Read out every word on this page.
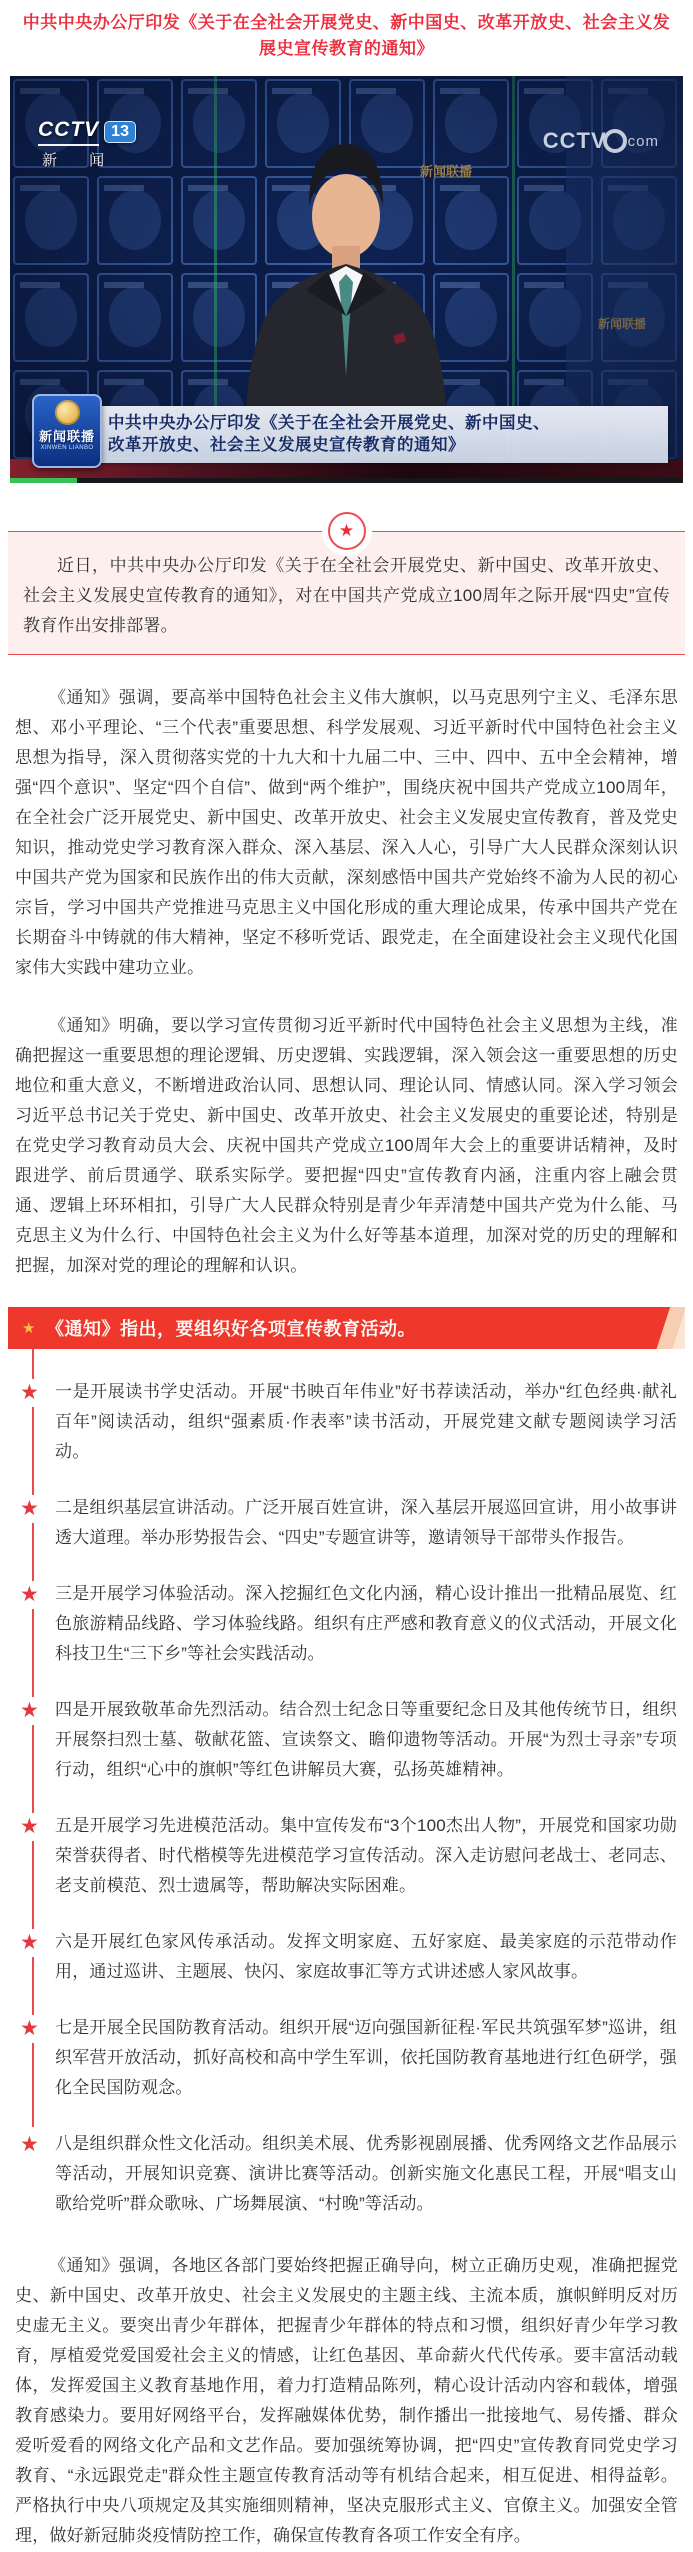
中共中央办公厅印发《关于在全社会开展党史、新中国史、改革开放史、社会主义发展史宣传教育的通知》
CCTV 13
新 闻
CCTV com
新闻联播
XINWEN LIANBO
中共中央办公厅印发《关于在全社会开展党史、新中国史、
改革开放史、社会主义发展史宣传教育的通知》
★

近日，中共中央办公厅印发《关于在全社会开展党史、新中国史、改革开放史、社会主义发展史宣传教育的通知》，对在中国共产党成立100周年之际开展“四史”宣传教育作出安排部署。

《通知》强调，要高举中国特色社会主义伟大旗帜，以马克思列宁主义、毛泽东思想、邓小平理论、“三个代表”重要思想、科学发展观、习近平新时代中国特色社会主义思想为指导，深入贯彻落实党的十九大和十九届二中、三中、四中、五中全会精神，增强“四个意识”、坚定“四个自信”、做到“两个维护”，围绕庆祝中国共产党成立100周年，在全社会广泛开展党史、新中国史、改革开放史、社会主义发展史宣传教育，普及党史知识，推动党史学习教育深入群众、深入基层、深入人心，引导广大人民群众深刻认识中国共产党为国家和民族作出的伟大贡献，深刻感悟中国共产党始终不渝为人民的初心宗旨，学习中国共产党推进马克思主义中国化形成的重大理论成果，传承中国共产党在长期奋斗中铸就的伟大精神，坚定不移听党话、跟党走，在全面建设社会主义现代化国家伟大实践中建功立业。

《通知》明确，要以学习宣传贯彻习近平新时代中国特色社会主义思想为主线，准确把握这一重要思想的理论逻辑、历史逻辑、实践逻辑，深入领会这一重要思想的历史地位和重大意义，不断增进政治认同、思想认同、理论认同、情感认同。深入学习领会习近平总书记关于党史、新中国史、改革开放史、社会主义发展史的重要论述，特别是在党史学习教育动员大会、庆祝中国共产党成立100周年大会上的重要讲话精神，及时跟进学、前后贯通学、联系实际学。要把握“四史”宣传教育内涵，注重内容上融会贯通、逻辑上环环相扣，引导广大人民群众特别是青少年弄清楚中国共产党为什么能、马克思主义为什么行、中国特色社会主义为什么好等基本道理，加深对党的历史的理解和把握，加深对党的理论的理解和认识。

★ 《通知》指出，要组织好各项宣传教育活动。
★ 一是开展读书学史活动。开展“书映百年伟业”好书荐读活动，举办“红色经典·献礼百年”阅读活动，组织“强素质·作表率”读书活动，开展党建文献专题阅读学习活动。
★ 二是组织基层宣讲活动。广泛开展百姓宣讲，深入基层开展巡回宣讲，用小故事讲透大道理。举办形势报告会、“四史”专题宣讲等，邀请领导干部带头作报告。
★ 三是开展学习体验活动。深入挖掘红色文化内涵，精心设计推出一批精品展览、红色旅游精品线路、学习体验线路。组织有庄严感和教育意义的仪式活动，开展文化科技卫生“三下乡”等社会实践活动。
★ 四是开展致敬革命先烈活动。结合烈士纪念日等重要纪念日及其他传统节日，组织开展祭扫烈士墓、敬献花篮、宣读祭文、瞻仰遗物等活动。开展“为烈士寻亲”专项行动，组织“心中的旗帜”等红色讲解员大赛，弘扬英雄精神。
★ 五是开展学习先进模范活动。集中宣传发布“3个100杰出人物”，开展党和国家功勋荣誉获得者、时代楷模等先进模范学习宣传活动。深入走访慰问老战士、老同志、老支前模范、烈士遗属等，帮助解决实际困难。
★ 六是开展红色家风传承活动。发挥文明家庭、五好家庭、最美家庭的示范带动作用，通过巡讲、主题展、快闪、家庭故事汇等方式讲述感人家风故事。
★ 七是开展全民国防教育活动。组织开展“迈向强国新征程·军民共筑强军梦”巡讲，组织军营开放活动，抓好高校和高中学生军训，依托国防教育基地进行红色研学，强化全民国防观念。
★ 八是组织群众性文化活动。组织美术展、优秀影视剧展播、优秀网络文艺作品展示等活动，开展知识竞赛、演讲比赛等活动。创新实施文化惠民工程，开展“唱支山歌给党听”群众歌咏、广场舞展演、“村晚”等活动。

《通知》强调，各地区各部门要始终把握正确导向，树立正确历史观，准确把握党史、新中国史、改革开放史、社会主义发展史的主题主线、主流本质，旗帜鲜明反对历史虚无主义。要突出青少年群体，把握青少年群体的特点和习惯，组织好青少年学习教育，厚植爱党爱国爱社会主义的情感，让红色基因、革命薪火代代传承。要丰富活动载体，发挥爱国主义教育基地作用，着力打造精品陈列，精心设计活动内容和载体，增强教育感染力。要用好网络平台，发挥融媒体优势，制作播出一批接地气、易传播、群众爱听爱看的网络文化产品和文艺作品。要加强统筹协调，把“四史”宣传教育同党史学习教育、“永远跟党走”群众性主题宣传教育活动等有机结合起来，相互促进、相得益彰。严格执行中央八项规定及其实施细则精神，坚决克服形式主义、官僚主义。加强安全管理，做好新冠肺炎疫情防控工作，确保宣传教育各项工作安全有序。
